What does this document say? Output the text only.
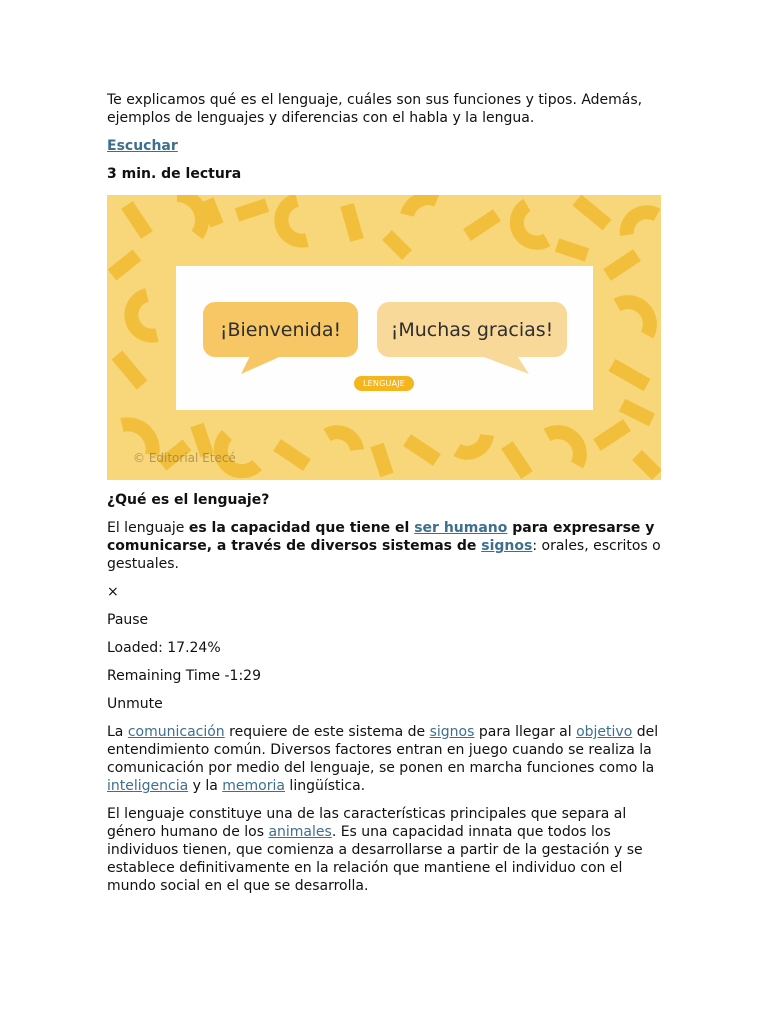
Te explicamos qué es el lenguaje, cuáles son sus funciones y tipos. Además, ejemplos de lenguajes y diferencias con el habla y la lengua.

Escuchar

3 min. de lectura

¡Bienvenida!	¡Muchas gracias!
LENGUAJE
© Editorial Etecé
¿Qué es el lenguaje?

El lenguaje es la capacidad que tiene el ser humano para expresarse y comunicarse, a través de diversos sistemas de signos: orales, escritos o gestuales.

×

Pause

Loaded: 17.24%

Remaining Time -1:29

Unmute

La comunicación requiere de este sistema de signos para llegar al objetivo del entendimiento común. Diversos factores entran en juego cuando se realiza la comunicación por medio del lenguaje, se ponen en marcha funciones como la inteligencia y la memoria lingüística.

El lenguaje constituye una de las características principales que separa al género humano de los animales. Es una capacidad innata que todos los individuos tienen, que comienza a desarrollarse a partir de la gestación y se establece definitivamente en la relación que mantiene el individuo con el mundo social en el que se desarrolla.
